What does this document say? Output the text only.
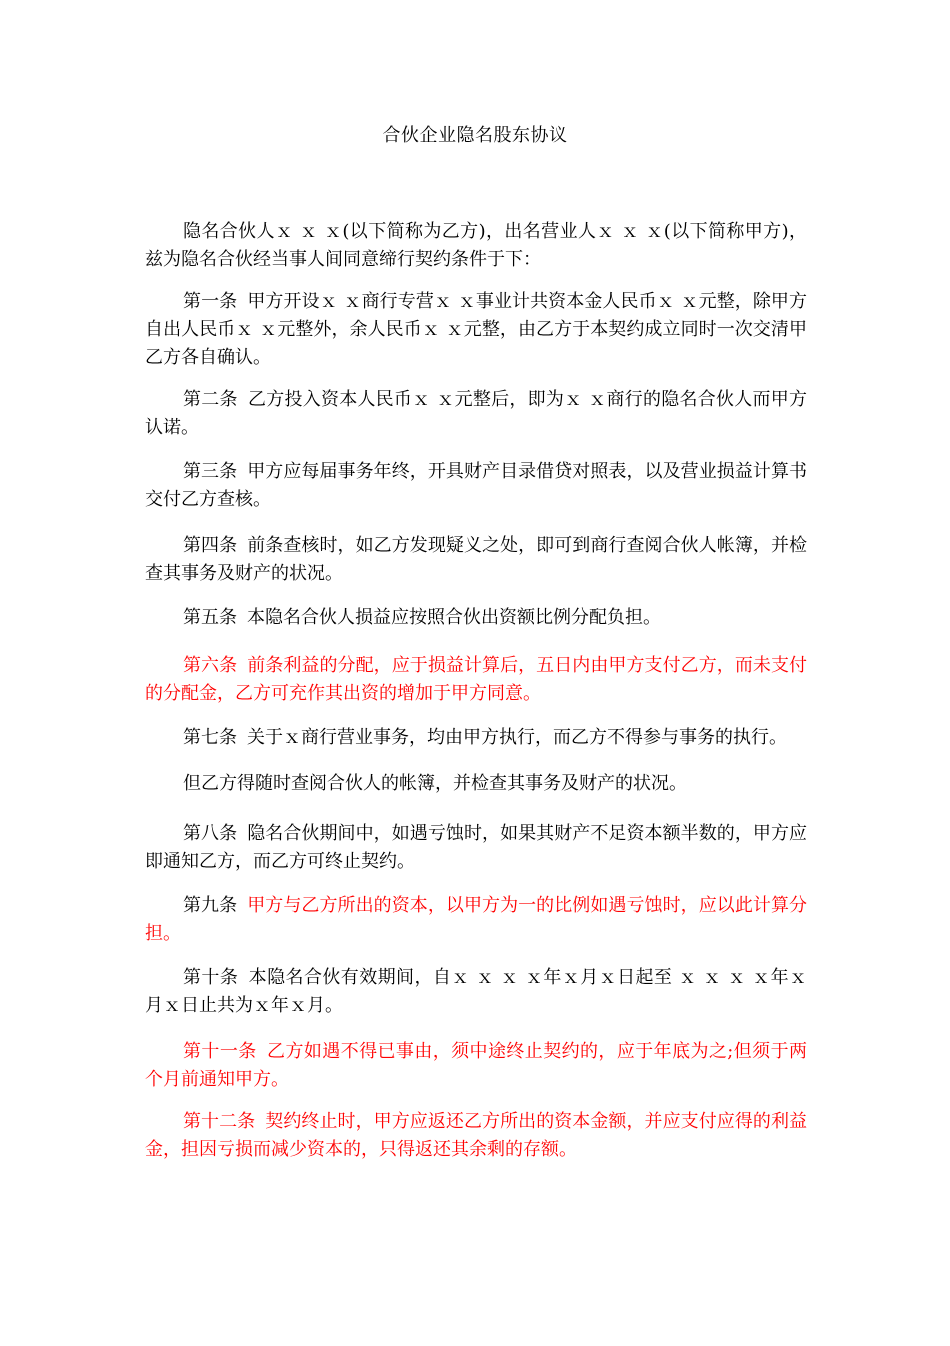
合伙企业隐名股东协议

隐名合伙人ｘ ｘ ｘ(以下简称为乙方)，出名营业人ｘ ｘ ｘ(以下简称甲方)，兹为隐名合伙经当事人间同意缔行契约条件于下：

第一条 甲方开设ｘ ｘ商行专营ｘ ｘ事业计共资本金人民币ｘ ｘ元整，除甲方自出人民币ｘ ｘ元整外，余人民币ｘ ｘ元整，由乙方于本契约成立同时一次交清甲乙方各自确认。

第二条 乙方投入资本人民币ｘ ｘ元整后，即为ｘ ｘ商行的隐名合伙人而甲方认诺。

第三条 甲方应每届事务年终，开具财产目录借贷对照表，以及营业损益计算书交付乙方查核。

第四条 前条查核时，如乙方发现疑义之处，即可到商行查阅合伙人帐簿，并检查其事务及财产的状况。

第五条 本隐名合伙人损益应按照合伙出资额比例分配负担。

第六条 前条利益的分配，应于损益计算后，五日内由甲方支付乙方，而未支付的分配金，乙方可充作其出资的增加于甲方同意。

第七条 关于ｘ商行营业事务，均由甲方执行，而乙方不得参与事务的执行。

但乙方得随时查阅合伙人的帐簿，并检查其事务及财产的状况。

第八条 隐名合伙期间中，如遇亏蚀时，如果其财产不足资本额半数的，甲方应即通知乙方，而乙方可终止契约。

第九条 甲方与乙方所出的资本，以甲方为一的比例如遇亏蚀时，应以此计算分担。

第十条 本隐名合伙有效期间，自ｘ ｘ ｘ ｘ年ｘ月ｘ日起至 ｘ ｘ ｘ ｘ年ｘ月ｘ日止共为ｘ年ｘ月。

第十一条 乙方如遇不得已事由，须中途终止契约的，应于年底为之;但须于两个月前通知甲方。

第十二条 契约终止时，甲方应返还乙方所出的资本金额，并应支付应得的利益金，担因亏损而减少资本的，只得返还其余剩的存额。
